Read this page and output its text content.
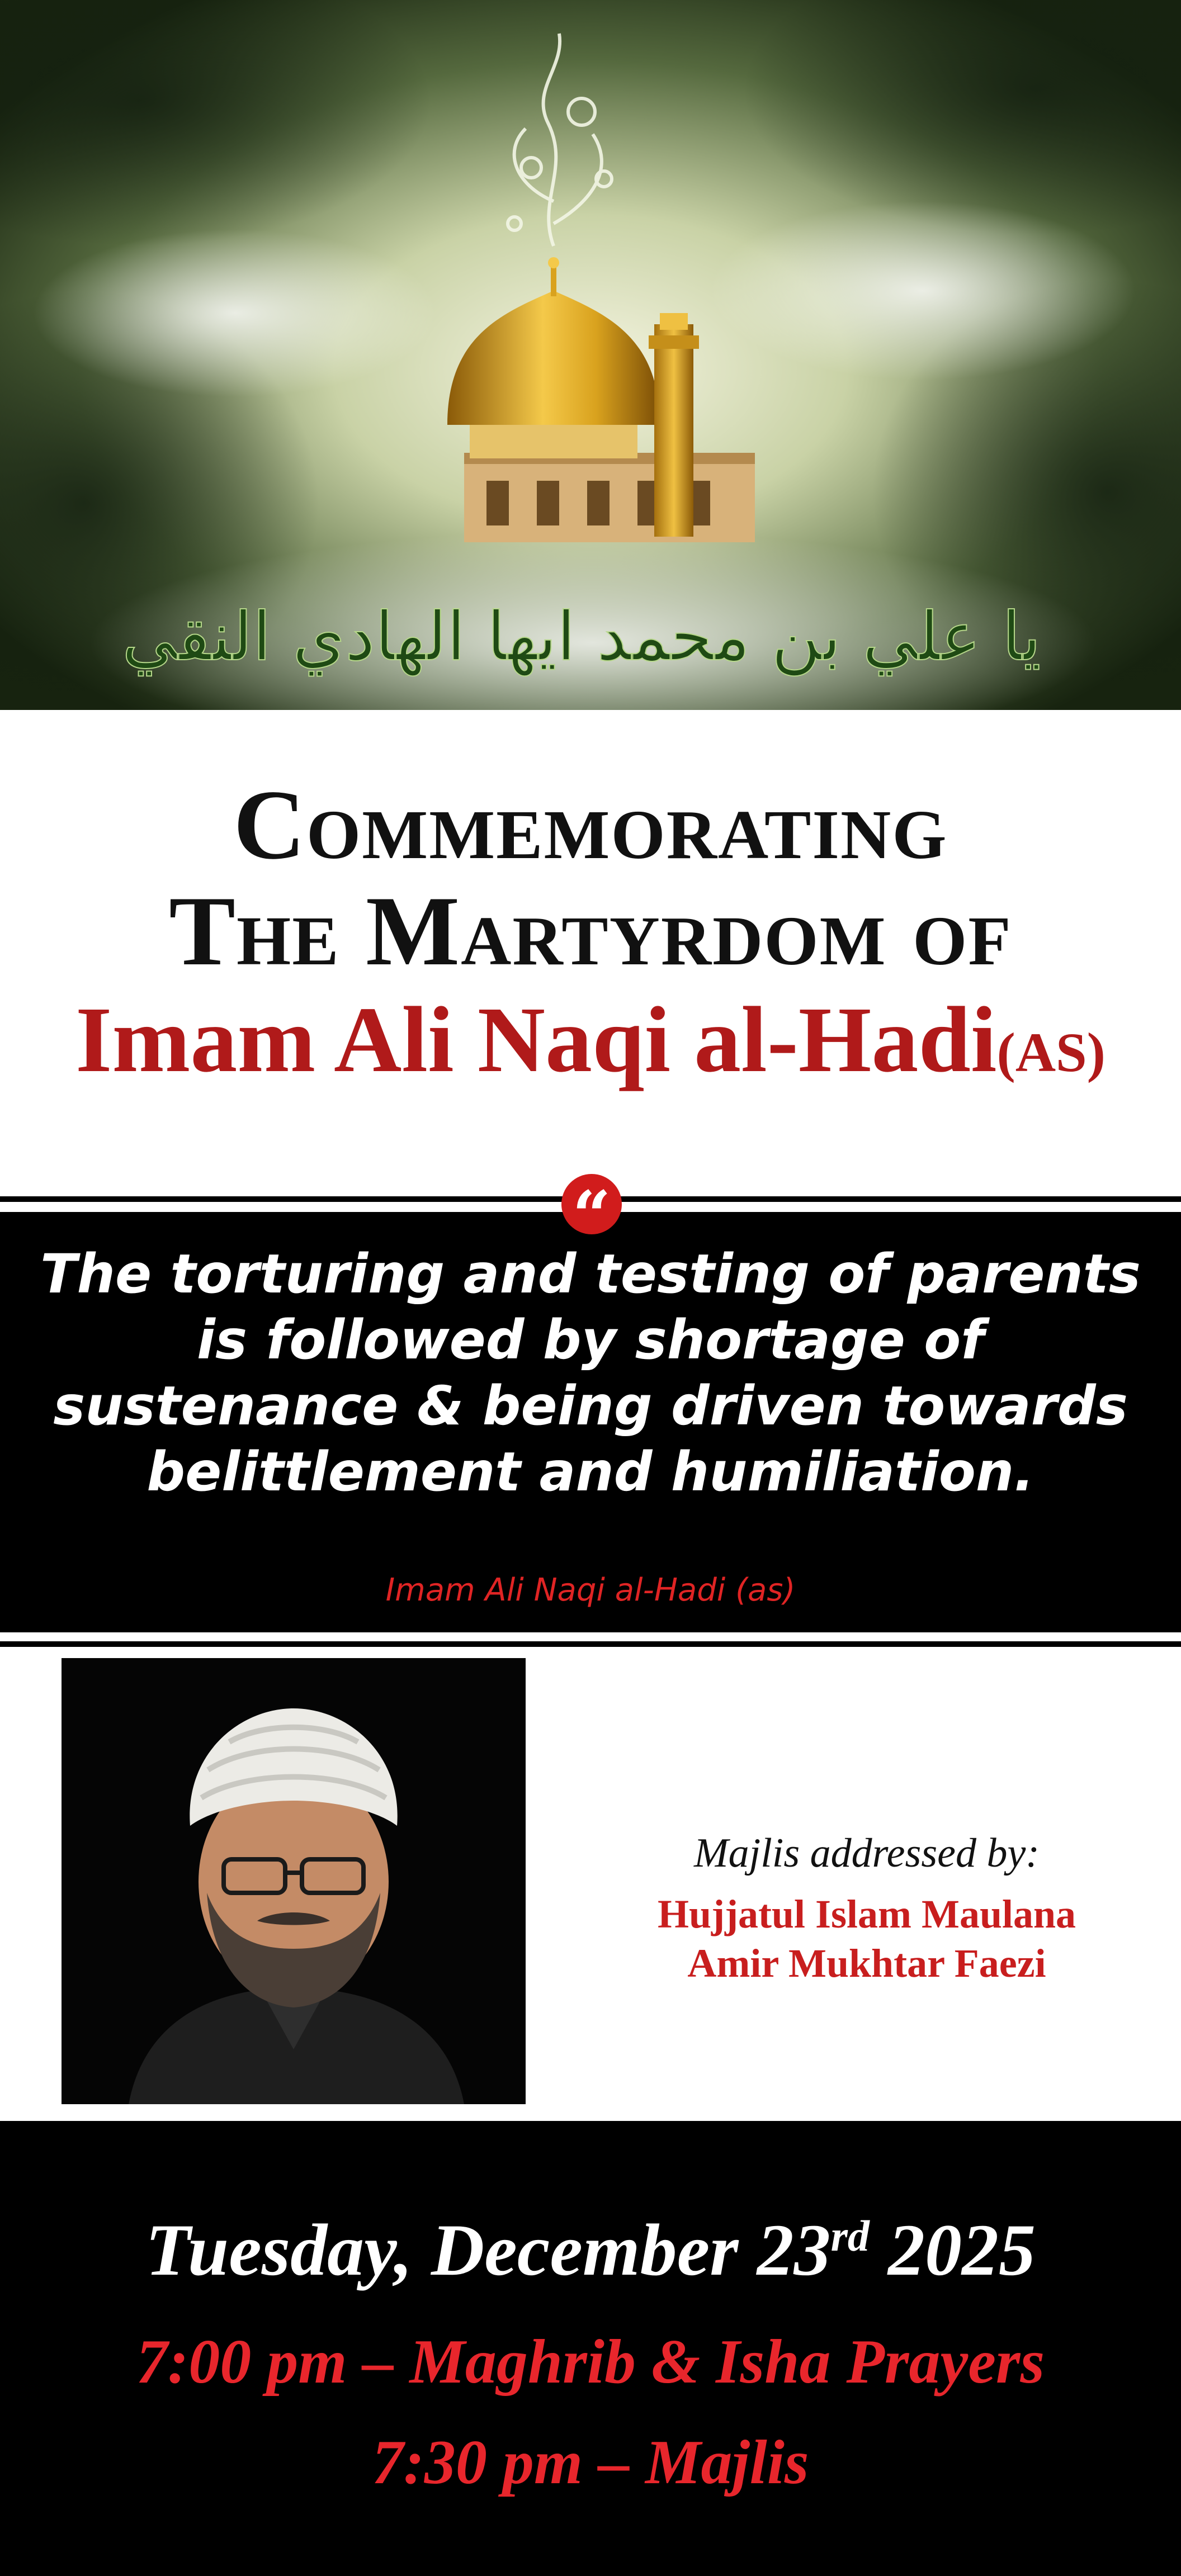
يا علي بن محمد ايها الهادي النقي
Commemorating
The Martyrdom of
Imam Ali Naqi al-Hadi(AS)
“
The torturing and testing of parents
is followed by shortage of
sustenance & being driven towards
belittlement and humiliation.
Imam Ali Naqi al-Hadi (as)
Majlis addressed by:
Hujjatul Islam Maulana
Amir Mukhtar Faezi
Tuesday, December 23rd 2025
7:00 pm – Maghrib & Isha Prayers
7:30 pm – Majlis
